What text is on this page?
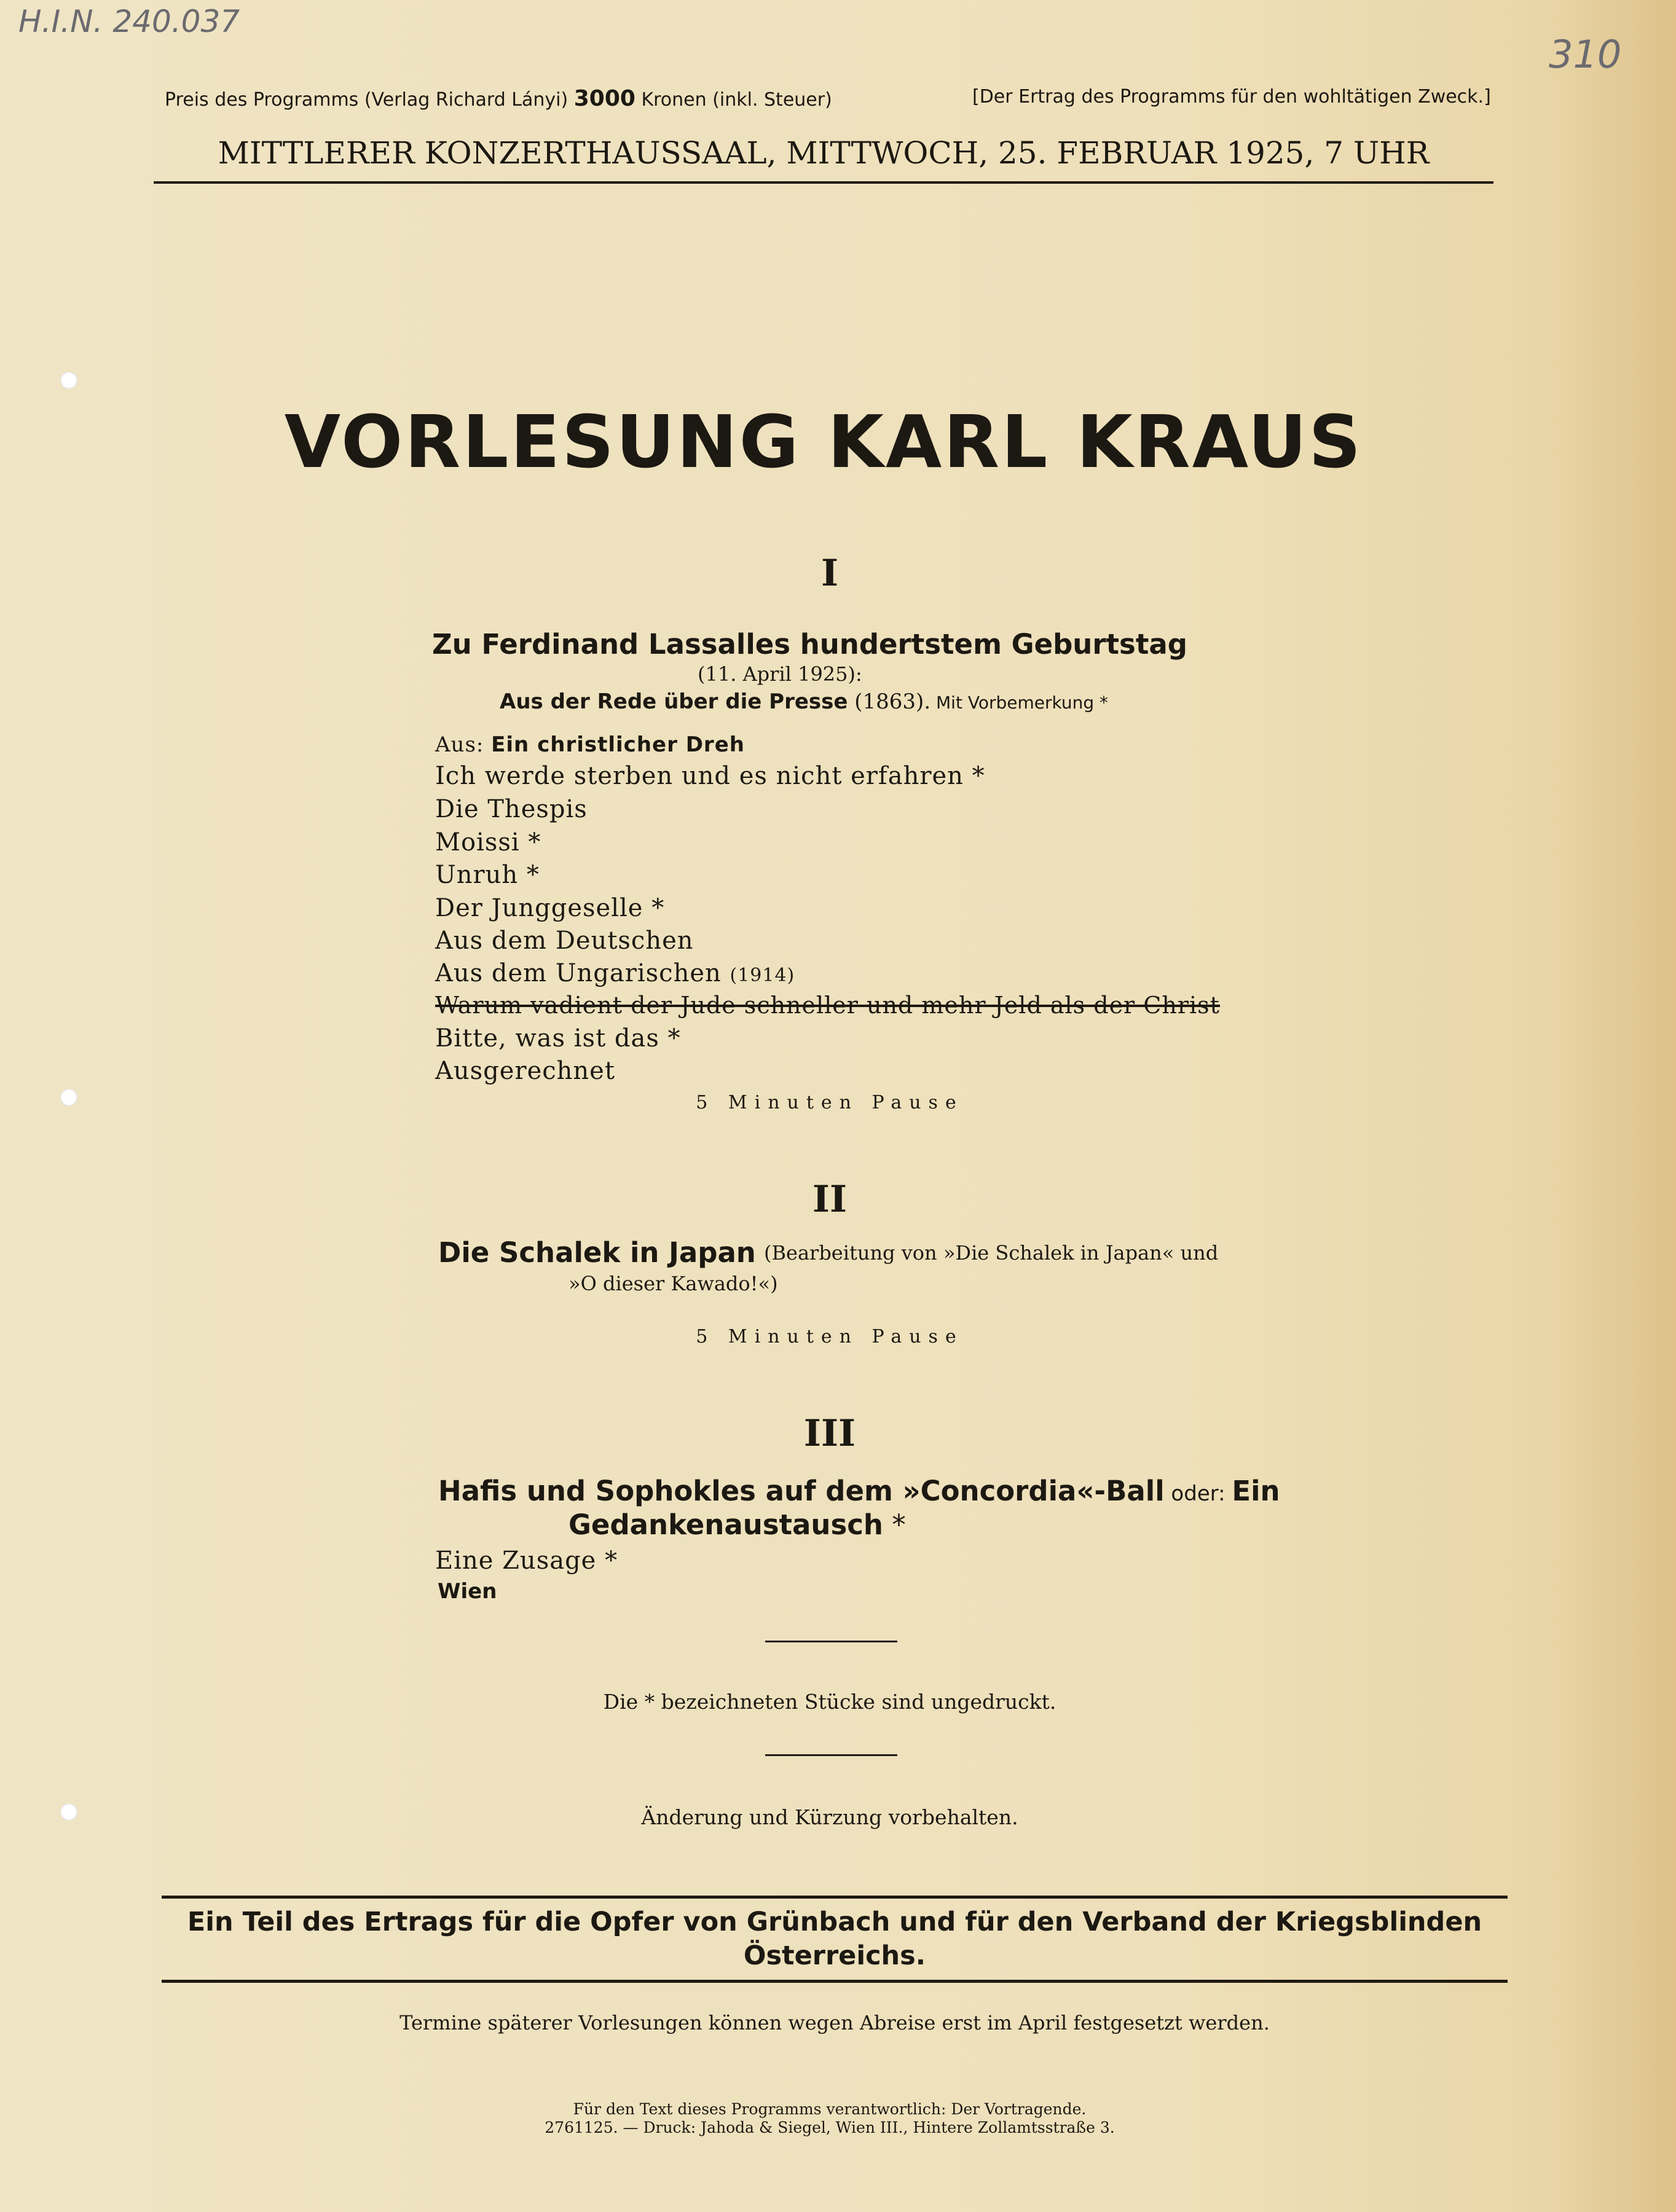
H.I.N. 240.037
310
Preis des Programms (Verlag Richard Lányi) 3000 Kronen (inkl. Steuer)	[Der Ertrag des Programms für den wohltätigen Zweck.]
MITTLERER KONZERTHAUSSAAL, MITTWOCH, 25. FEBRUAR 1925, 7 UHR
VORLESUNG KARL KRAUS
I
Zu Ferdinand Lassalles hundertstem Geburtstag
(11. April 1925):
Aus der Rede über die Presse (1863). Mit Vorbemerkung *
Aus: Ein christlicher Dreh
Ich werde sterben und es nicht erfahren *
Die Thespis
Moissi *
Unruh *
Der Junggeselle *
Aus dem Deutschen
Aus dem Ungarischen (1914)
Warum vadient der Jude schneller und mehr Jeld als der Christ
Bitte, was ist das *
Ausgerechnet
5 Minuten Pause
II
Die Schalek in Japan (Bearbeitung von »Die Schalek in Japan« und
»O dieser Kawado!«)
5 Minuten Pause
III
Hafis und Sophokles auf dem »Concordia«-Ball oder: Ein
Gedankenaustausch *
Eine Zusage *
Wien
Die * bezeichneten Stücke sind ungedruckt.
Änderung und Kürzung vorbehalten.
Ein Teil des Ertrags für die Opfer von Grünbach und für den Verband der Kriegsblinden
Österreichs.
Termine späterer Vorlesungen können wegen Abreise erst im April festgesetzt werden.
Für den Text dieses Programms verantwortlich: Der Vortragende.
2761125. — Druck: Jahoda & Siegel, Wien III., Hintere Zollamtsstraße 3.
